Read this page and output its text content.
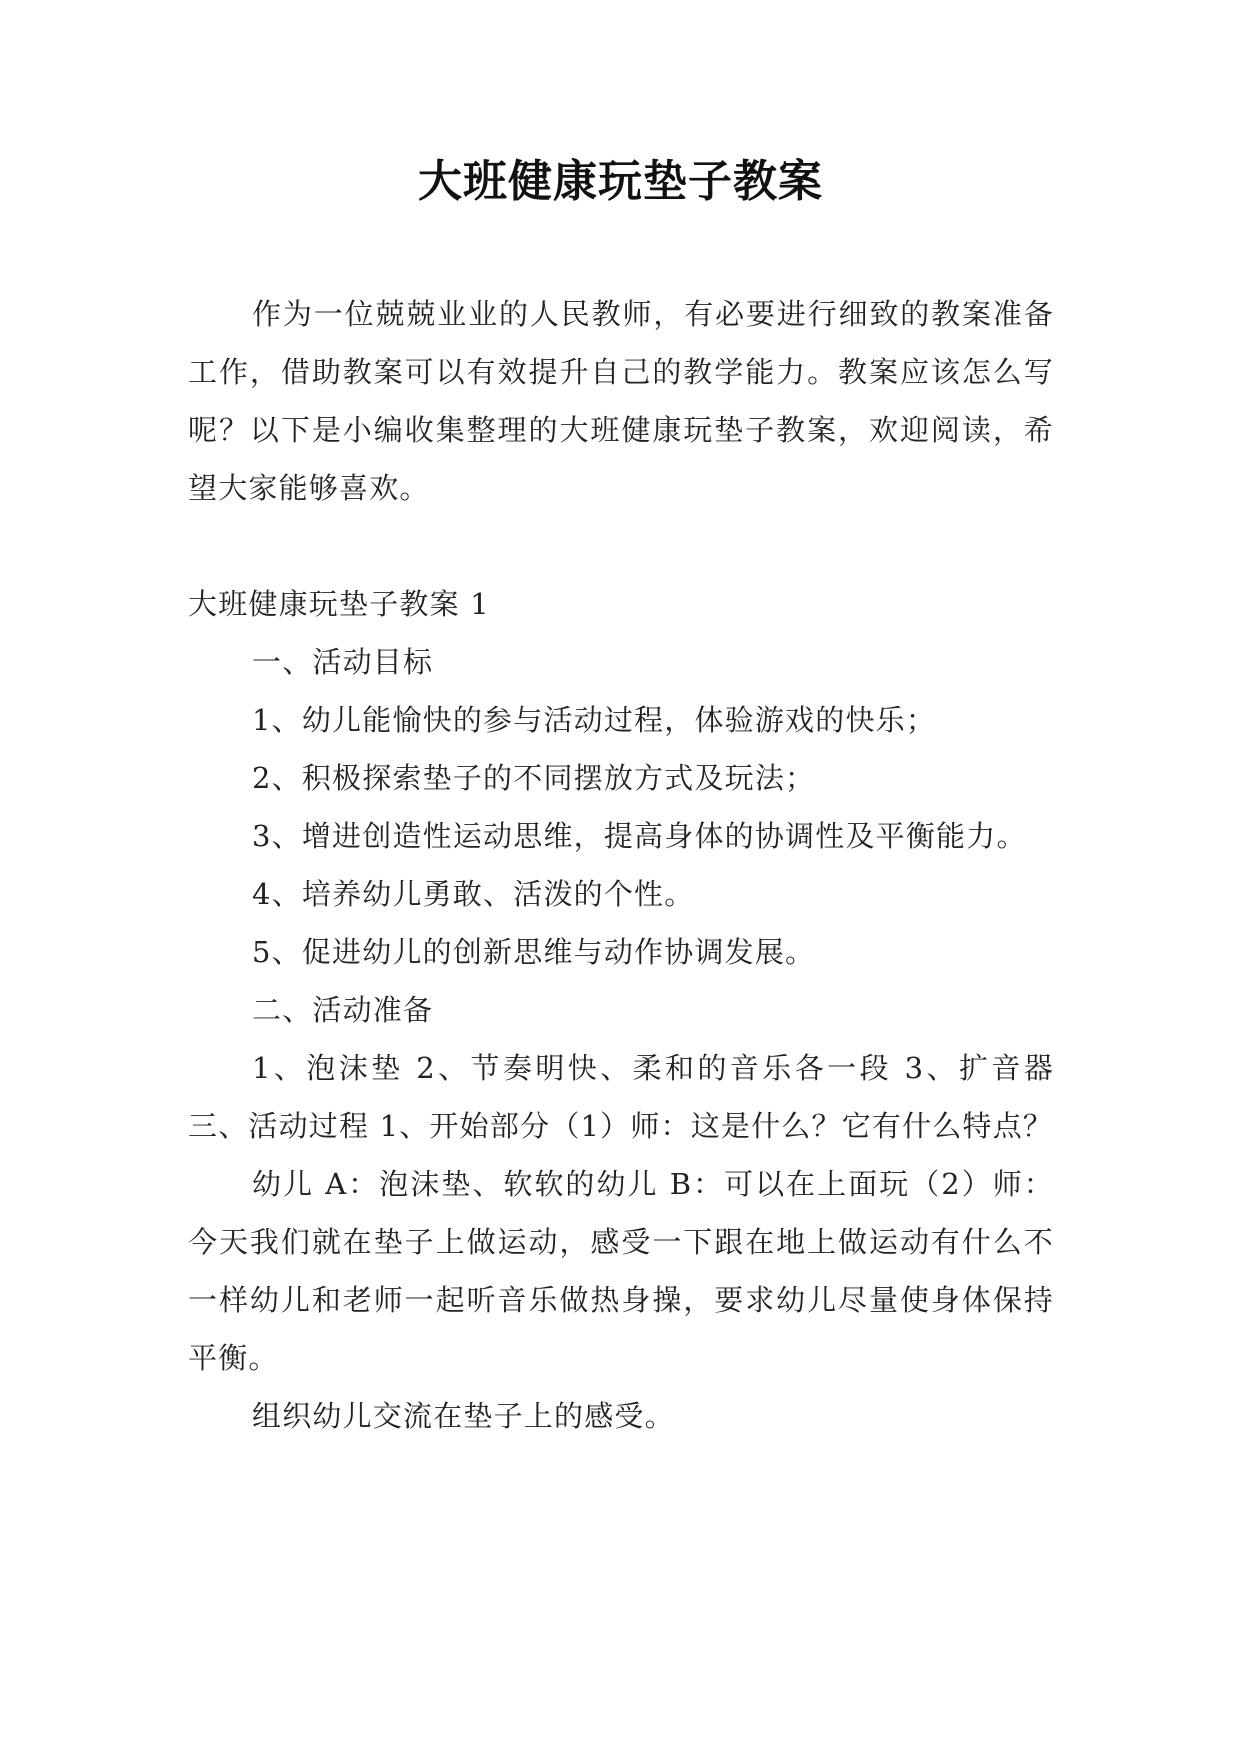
大班健康玩垫子教案

作为一位兢兢业业的人民教师，有必要进行细致的教案准备工作，借助教案可以有效提升自己的教学能力。教案应该怎么写呢？以下是小编收集整理的大班健康玩垫子教案，欢迎阅读，希望大家能够喜欢。

大班健康玩垫子教案 1

一、活动目标

1、幼儿能愉快的参与活动过程，体验游戏的快乐；

2、积极探索垫子的不同摆放方式及玩法；

3、增进创造性运动思维，提高身体的协调性及平衡能力。

4、培养幼儿勇敢、活泼的个性。

5、促进幼儿的创新思维与动作协调发展。

二、活动准备

1、泡沫垫 2、节奏明快、柔和的音乐各一段 3、扩音器 三、活动过程 1、开始部分（1）师：这是什么？它有什么特点？

幼儿 A：泡沫垫、软软的幼儿 B：可以在上面玩（2）师：今天我们就在垫子上做运动，感受一下跟在地上做运动有什么不一样幼儿和老师一起听音乐做热身操，要求幼儿尽量使身体保持平衡。

组织幼儿交流在垫子上的感受。
